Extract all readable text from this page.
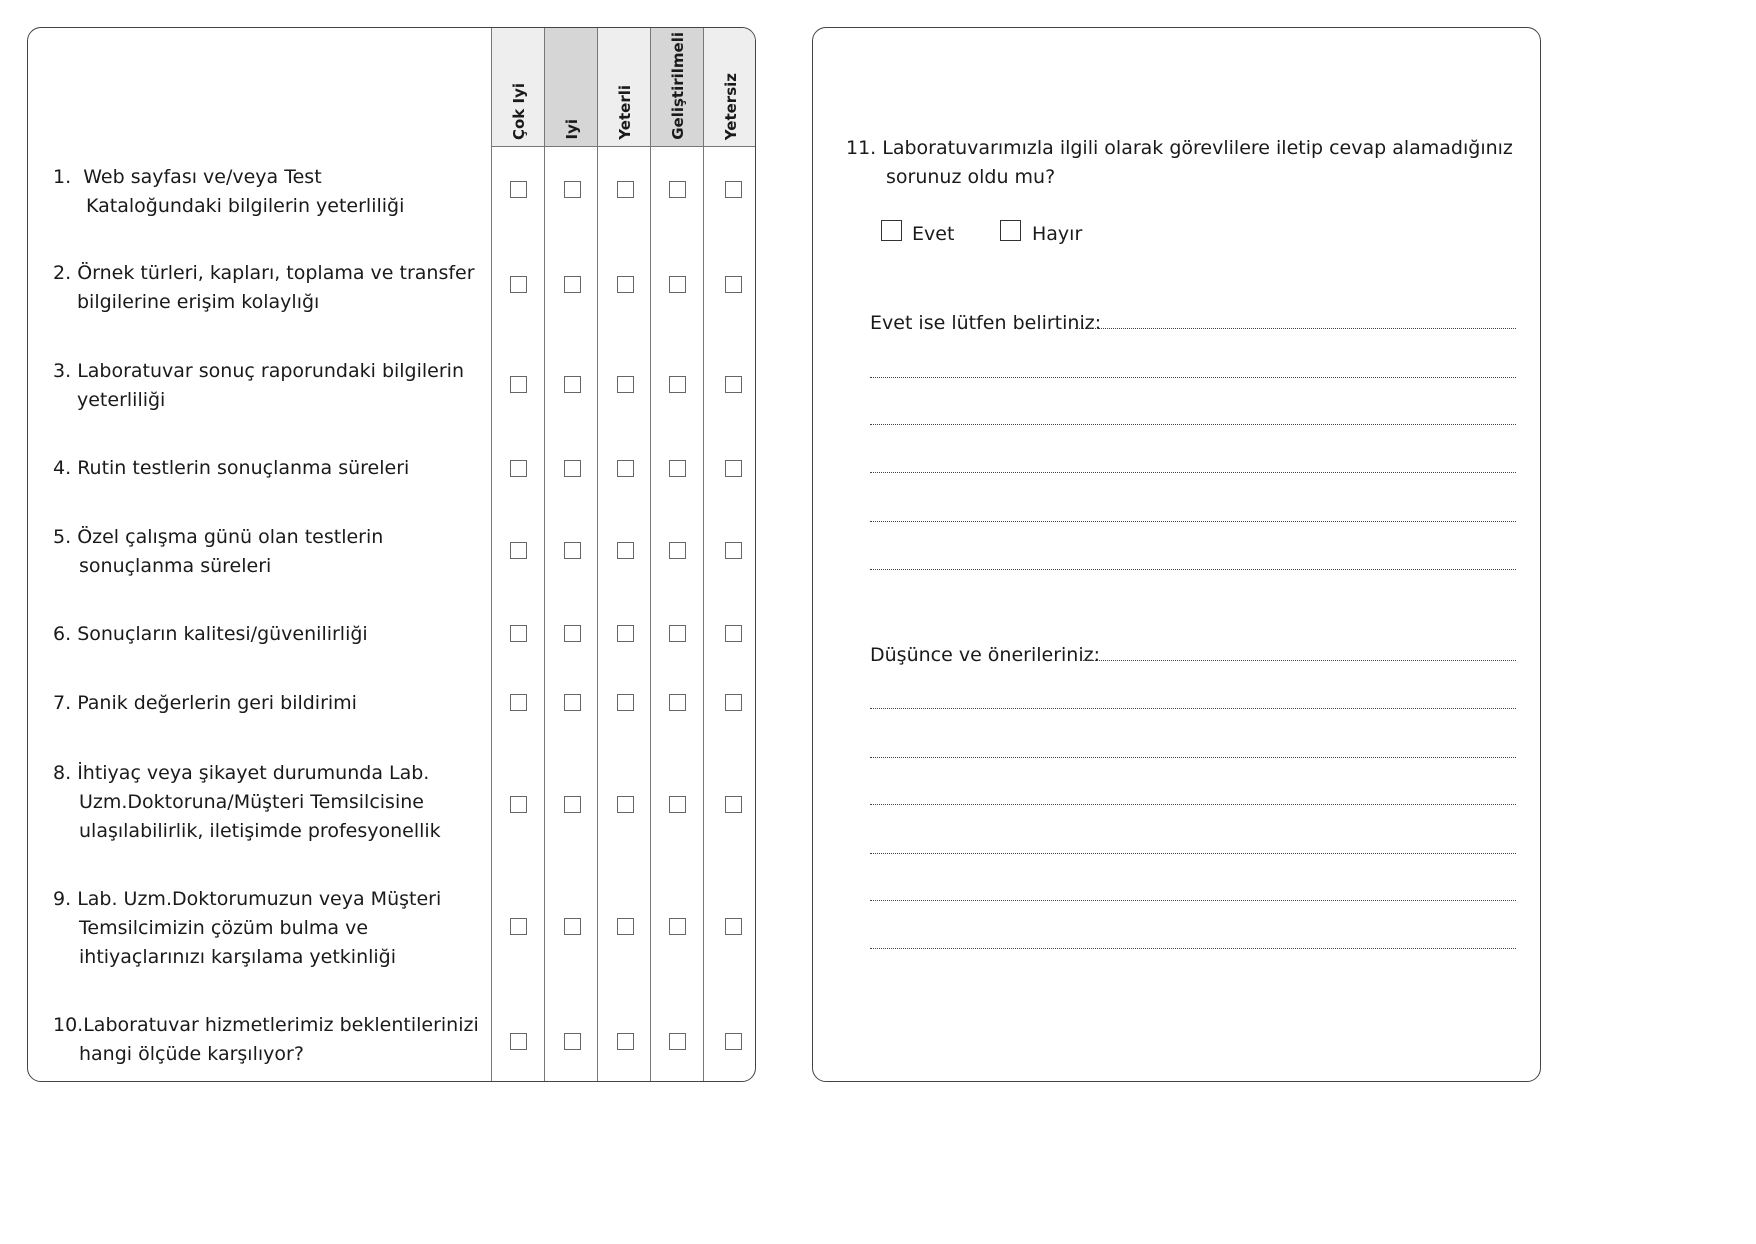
Çok Iyi Iyi Yeterli Geliştirilmeli Yetersiz
1. Web sayfası ve/veya Test
Kataloğundaki bilgilerin yeterliliği
2. Örnek türleri, kapları, toplama ve transfer
bilgilerine erişim kolaylığı
3. Laboratuvar sonuç raporundaki bilgilerin
yeterliliği
4. Rutin testlerin sonuçlanma süreleri
5. Özel çalışma günü olan testlerin
sonuçlanma süreleri
6. Sonuçların kalitesi/güvenilirliği
7. Panik değerlerin geri bildirimi
8. İhtiyaç veya şikayet durumunda Lab.
Uzm.Doktoruna/Müşteri Temsilcisine
ulaşılabilirlik, iletişimde profesyonellik
9. Lab. Uzm.Doktorumuzun veya Müşteri
Temsilcimizin çözüm bulma ve
ihtiyaçlarınızı karşılama yetkinliği
10.Laboratuvar hizmetlerimiz beklentilerinizi
hangi ölçüde karşılıyor?
11. Laboratuvarımızla ilgili olarak görevlilere iletip cevap alamadığınız
sorunuz oldu mu?
Evet	Hayır
Evet ise lütfen belirtiniz:
Düşünce ve önerileriniz:
